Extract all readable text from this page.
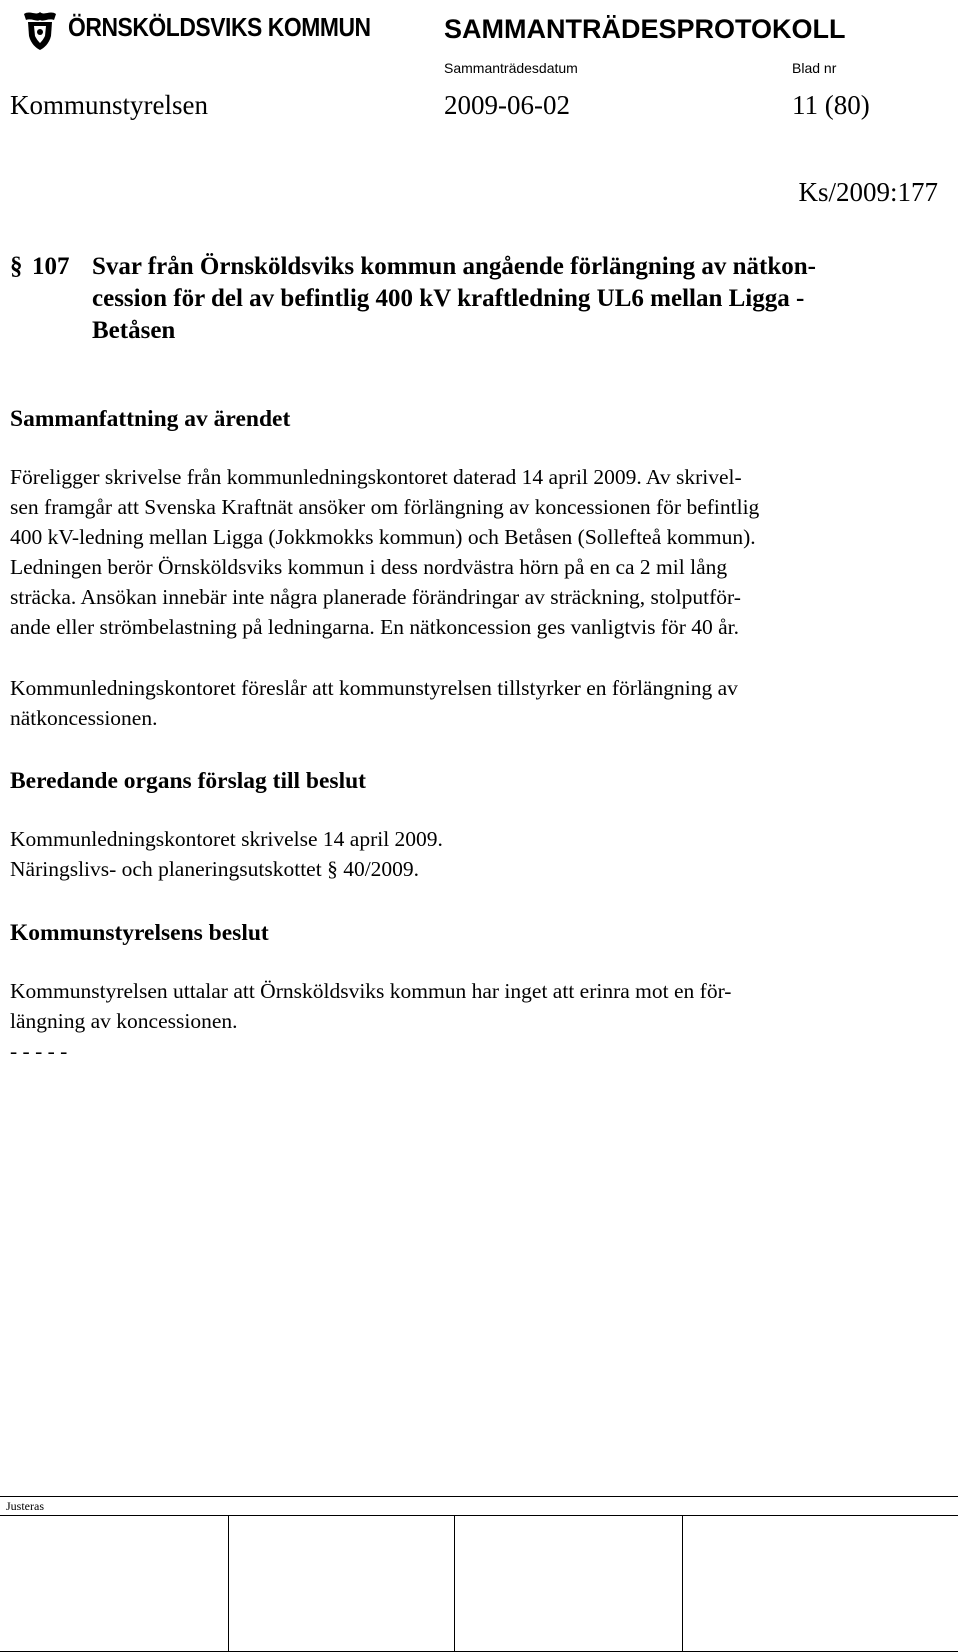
ÖRNSKÖLDSVIKS KOMMUN	SAMMANTRÄDESPROTOKOLL
Sammanträdesdatum	Blad nr
Kommunstyrelsen	2009-06-02	11 (80)
Ks/2009:177
§ 107 Svar från Örnsköldsviks kommun angående förlängning av nätkon-
cession för del av befintlig 400 kV kraftledning UL6 mellan Ligga -
Betåsen
Sammanfattning av ärendet
Föreligger skrivelse från kommunledningskontoret daterad 14 april 2009. Av skrivel-
sen framgår att Svenska Kraftnät ansöker om förlängning av koncessionen för befintlig
400 kV-ledning mellan Ligga (Jokkmokks kommun) och Betåsen (Sollefteå kommun).
Ledningen berör Örnsköldsviks kommun i dess nordvästra hörn på en ca 2 mil lång
sträcka. Ansökan innebär inte några planerade förändringar av sträckning, stolputför-
ande eller strömbelastning på ledningarna. En nätkoncession ges vanligtvis för 40 år.
Kommunledningskontoret föreslår att kommunstyrelsen tillstyrker en förlängning av
nätkoncessionen.
Beredande organs förslag till beslut
Kommunledningskontoret skrivelse 14 april 2009.
Näringslivs- och planeringsutskottet § 40/2009.
Kommunstyrelsens beslut
Kommunstyrelsen uttalar att Örnsköldsviks kommun har inget att erinra mot en för-
längning av koncessionen.
- - - - -
Justeras
